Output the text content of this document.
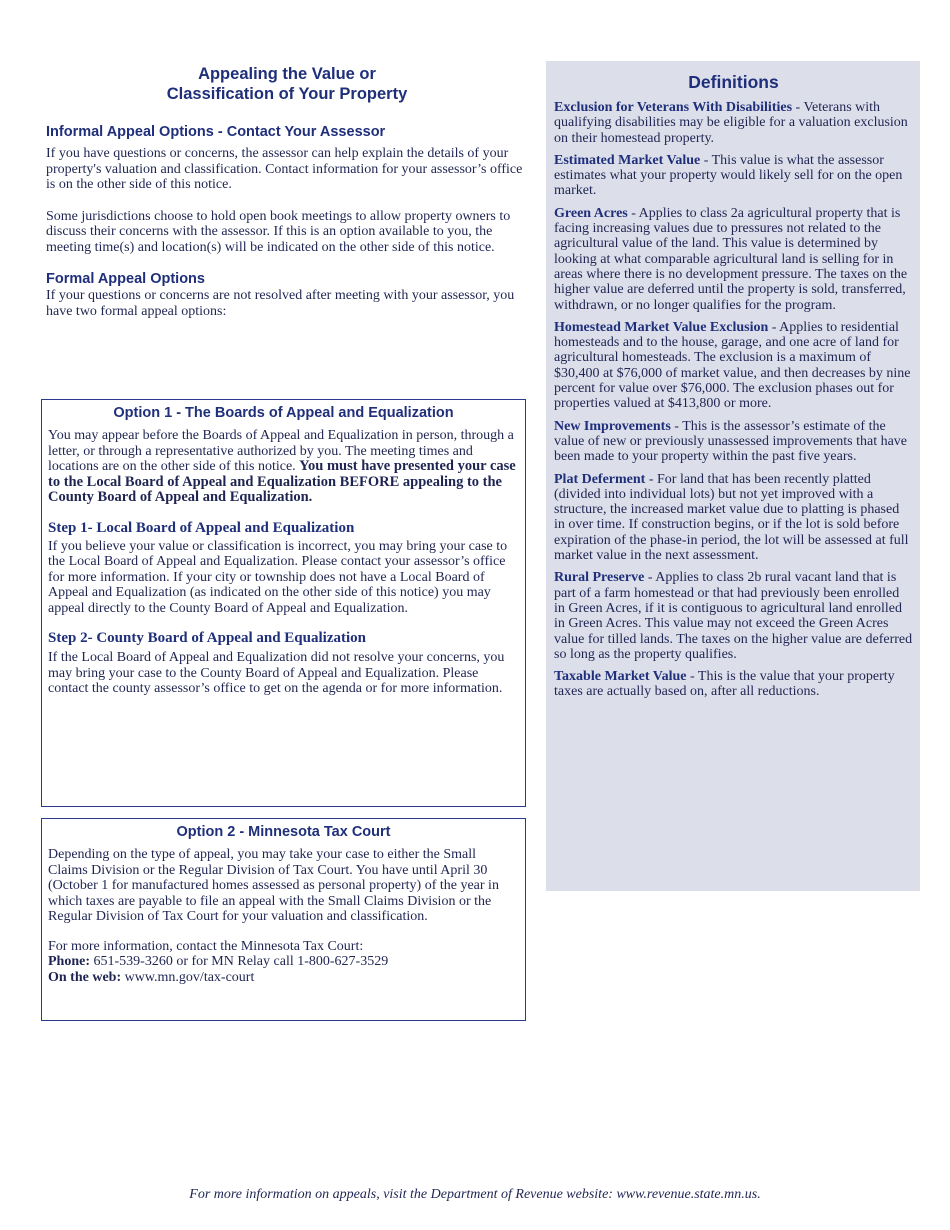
Appealing the Value or
Classification of Your Property
Informal Appeal Options - Contact Your Assessor

If you have questions or concerns, the assessor can help explain the details of your property's valuation and classification. Contact information for your assessor’s office is on the other side of this notice.

Some jurisdictions choose to hold open book meetings to allow property owners to discuss their concerns with the assessor. If this is an option available to you, the meeting time(s) and location(s) will be indicated on the other side of this notice.

Formal Appeal Options

If your questions or concerns are not resolved after meeting with your assessor, you have two formal appeal options:

Option 1 - The Boards of Appeal and Equalization

You may appear before the Boards of Appeal and Equalization in person, through a letter, or through a representative authorized by you. The meeting times and locations are on the other side of this notice. You must have presented your case to the Local Board of Appeal and Equalization BEFORE appealing to the County Board of Appeal and Equalization.

Step 1- Local Board of Appeal and Equalization

If you believe your value or classification is incorrect, you may bring your case to the Local Board of Appeal and Equalization. Please contact your assessor’s office for more information. If your city or township does not have a Local Board of Appeal and Equalization (as indicated on the other side of this notice) you may appeal directly to the County Board of Appeal and Equalization.

Step 2- County Board of Appeal and Equalization

If the Local Board of Appeal and Equalization did not resolve your concerns, you may bring your case to the County Board of Appeal and Equalization. Please contact the county assessor’s office to get on the agenda or for more information.

Option 2 - Minnesota Tax Court

Depending on the type of appeal, you may take your case to either the Small Claims Division or the Regular Division of Tax Court. You have until April 30 (October 1 for manufactured homes assessed as personal property) of the year in which taxes are payable to file an appeal with the Small Claims Division or the Regular Division of Tax Court for your valuation and classification.

For more information, contact the Minnesota Tax Court:

Phone: 651-539-3260 or for MN Relay call 1-800-627-3529

On the web: www.mn.gov/tax-court

Definitions

Exclusion for Veterans With Disabilities - Veterans with qualifying disabilities may be eligible for a valuation exclusion on their homestead property.

Estimated Market Value - This value is what the assessor estimates what your property would likely sell for on the open market.

Green Acres - Applies to class 2a agricultural property that is facing increasing values due to pressures not related to the agricultural value of the land. This value is determined by looking at what comparable agricultural land is selling for in areas where there is no development pressure. The taxes on the higher value are deferred until the property is sold, transferred, withdrawn, or no longer qualifies for the program.

Homestead Market Value Exclusion - Applies to residential homesteads and to the house, garage, and one acre of land for agricultural homesteads. The exclusion is a maximum of $30,400 at $76,000 of market value, and then decreases by nine percent for value over $76,000. The exclusion phases out for properties valued at $413,800 or more.

New Improvements - This is the assessor’s estimate of the value of new or previously unassessed improvements that have been made to your property within the past five years.

Plat Deferment - For land that has been recently platted (divided into individual lots) but not yet improved with a structure, the increased market value due to platting is phased in over time. If construction begins, or if the lot is sold before expiration of the phase-in period, the lot will be assessed at full market value in the next assessment.

Rural Preserve - Applies to class 2b rural vacant land that is part of a farm homestead or that had previously been enrolled in Green Acres, if it is contiguous to agricultural land enrolled in Green Acres. This value may not exceed the Green Acres value for tilled lands. The taxes on the higher value are deferred so long as the property qualifies.

Taxable Market Value - This is the value that your property taxes are actually based on, after all reductions.

For more information on appeals, visit the Department of Revenue website: www.revenue.state.mn.us.
